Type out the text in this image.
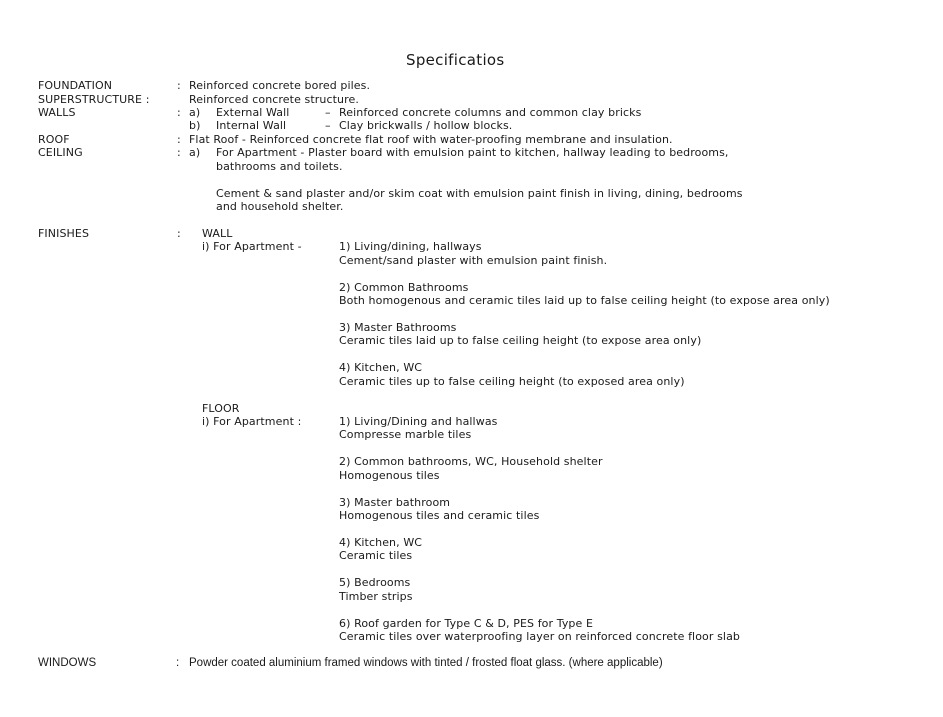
Specificatios
FOUNDATION	: Reinforced concrete bored piles.
SUPERSTRUCTURE :	Reinforced concrete structure.
WALLS	: a) External Wall	– Reinforced concrete columns and common clay bricks
b) Internal Wall	– Clay brickwalls / hollow blocks.
ROOF	: Flat Roof - Reinforced concrete flat roof with water-proofing membrane and insulation.
CEILING	: a) For Apartment - Plaster board with emulsion paint to kitchen, hallway leading to bedrooms,
bathrooms and toilets.
Cement & sand plaster and/or skim coat with emulsion paint finish in living, dining, bedrooms
and household shelter.
FINISHES	: WALL
i) For Apartment -	1) Living/dining, hallways
Cement/sand plaster with emulsion paint finish.
2) Common Bathrooms
Both homogenous and ceramic tiles laid up to false ceiling height (to expose area only)
3) Master Bathrooms
Ceramic tiles laid up to false ceiling height (to expose area only)
4) Kitchen, WC
Ceramic tiles up to false ceiling height (to exposed area only)
FLOOR
i) For Apartment :	1) Living/Dining and hallwas
Compresse marble tiles
2) Common bathrooms, WC, Household shelter
Homogenous tiles
3) Master bathroom
Homogenous tiles and ceramic tiles
4) Kitchen, WC
Ceramic tiles
5) Bedrooms
Timber strips
6) Roof garden for Type C & D, PES for Type E
Ceramic tiles over waterproofing layer on reinforced concrete floor slab
WINDOWS	: Powder coated aluminium framed windows with tinted / frosted float glass. (where applicable)
